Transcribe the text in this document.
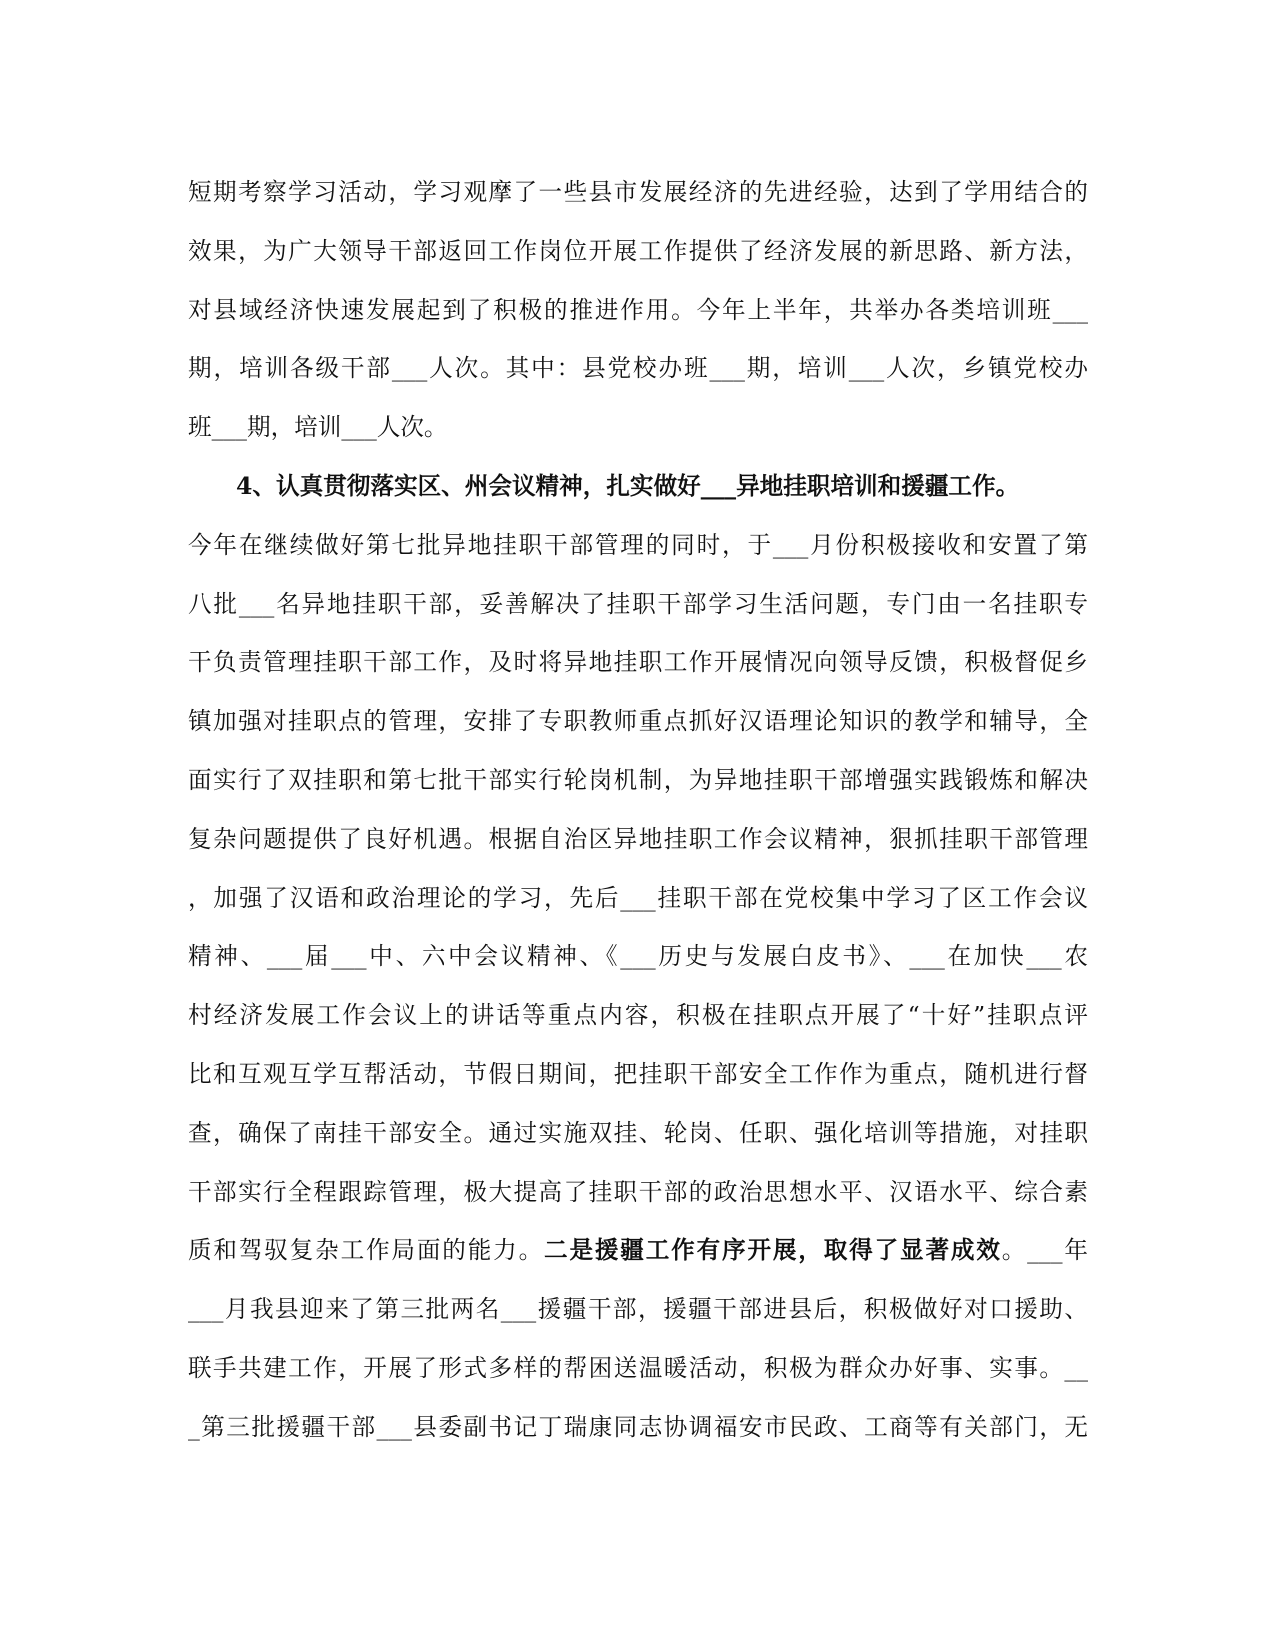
短期考察学习活动，学习观摩了一些县市发展经济的先进经验，达到了学用结合的
效果，为广大领导干部返回工作岗位开展工作提供了经济发展的新思路、新方法，
对县域经济快速发展起到了积极的推进作用。今年上半年，共举办各类培训班___
期，培训各级干部___人次。其中：县党校办班___期，培训___人次，乡镇党校办
班___期，培训___人次。
4、认真贯彻落实区、州会议精神，扎实做好___异地挂职培训和援疆工作。
今年在继续做好第七批异地挂职干部管理的同时，于___月份积极接收和安置了第
八批___名异地挂职干部，妥善解决了挂职干部学习生活问题，专门由一名挂职专
干负责管理挂职干部工作，及时将异地挂职工作开展情况向领导反馈，积极督促乡
镇加强对挂职点的管理，安排了专职教师重点抓好汉语理论知识的教学和辅导，全
面实行了双挂职和第七批干部实行轮岗机制，为异地挂职干部增强实践锻炼和解决
复杂问题提供了良好机遇。根据自治区异地挂职工作会议精神，狠抓挂职干部管理
，加强了汉语和政治理论的学习，先后___挂职干部在党校集中学习了区工作会议
精神、___届___中、六中会议精神、《___历史与发展白皮书》、___在加快___农
村经济发展工作会议上的讲话等重点内容，积极在挂职点开展了“十好”挂职点评
比和互观互学互帮活动，节假日期间，把挂职干部安全工作作为重点，随机进行督
查，确保了南挂干部安全。通过实施双挂、轮岗、任职、强化培训等措施，对挂职
干部实行全程跟踪管理，极大提高了挂职干部的政治思想水平、汉语水平、综合素
质和驾驭复杂工作局面的能力。二是援疆工作有序开展，取得了显著成效。___年
___月我县迎来了第三批两名___援疆干部，援疆干部进县后，积极做好对口援助、
联手共建工作，开展了形式多样的帮困送温暖活动，积极为群众办好事、实事。__
_第三批援疆干部___县委副书记丁瑞康同志协调福安市民政、工商等有关部门，无
